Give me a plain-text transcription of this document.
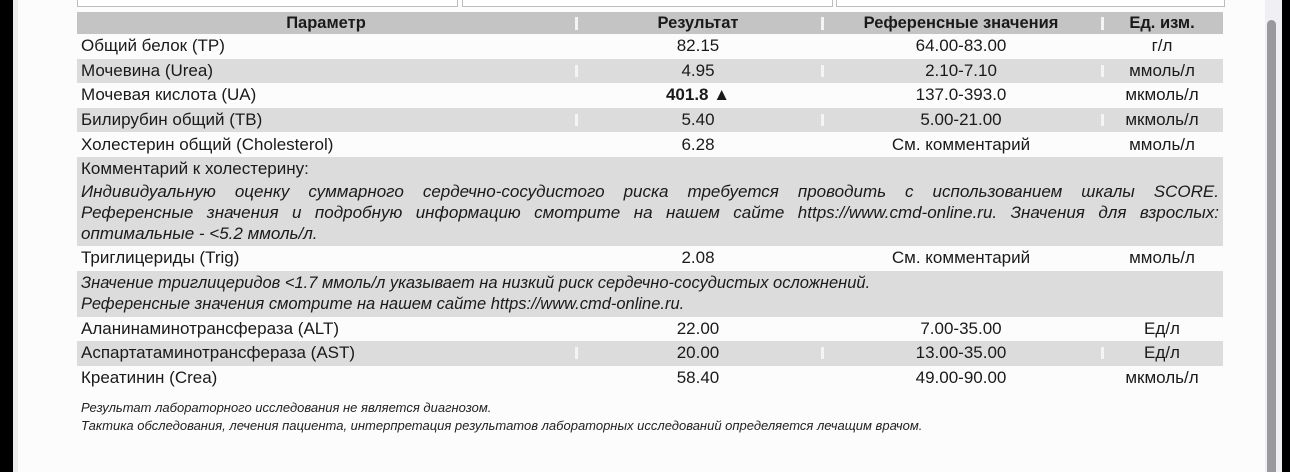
Параметр	Результат	Референсные значения	Ед. изм.
Общий белок (TP)	82.15	64.00-83.00	г/л
Мочевина (Urea)	4.95	2.10-7.10	ммоль/л
Мочевая кислота (UA)	401.8 ▲	137.0-393.0	мкмоль/л
Билирубин общий (TB)	5.40	5.00-21.00	мкмоль/л
Холестерин общий (Cholesterol)	6.28	См. комментарий	ммоль/л
Комментарий к холестерину:
Индивидуальную оценку суммарного сердечно-сосудистого риска требуется проводить с использованием шкалы SCORE.
Референсные значения и подробную информацию смотрите на нашем сайте https://www.cmd-online.ru. Значения для взрослых:
оптимальные - <5.2 ммоль/л.
Триглицериды (Trig)	2.08	См. комментарий	ммоль/л
Значение триглицеридов <1.7 ммоль/л указывает на низкий риск сердечно-сосудистых осложнений.
Референсные значения смотрите на нашем сайте https://www.cmd-online.ru.
Аланинаминотрансфераза (ALT)	22.00	7.00-35.00	Ед/л
Аспартатаминотрансфераза (AST)	20.00	13.00-35.00	Ед/л
Креатинин (Crea)	58.40	49.00-90.00	мкмоль/л
Результат лабораторного исследования не является диагнозом.
Тактика обследования, лечения пациента, интерпретация результатов лабораторных исследований определяется лечащим врачом.
